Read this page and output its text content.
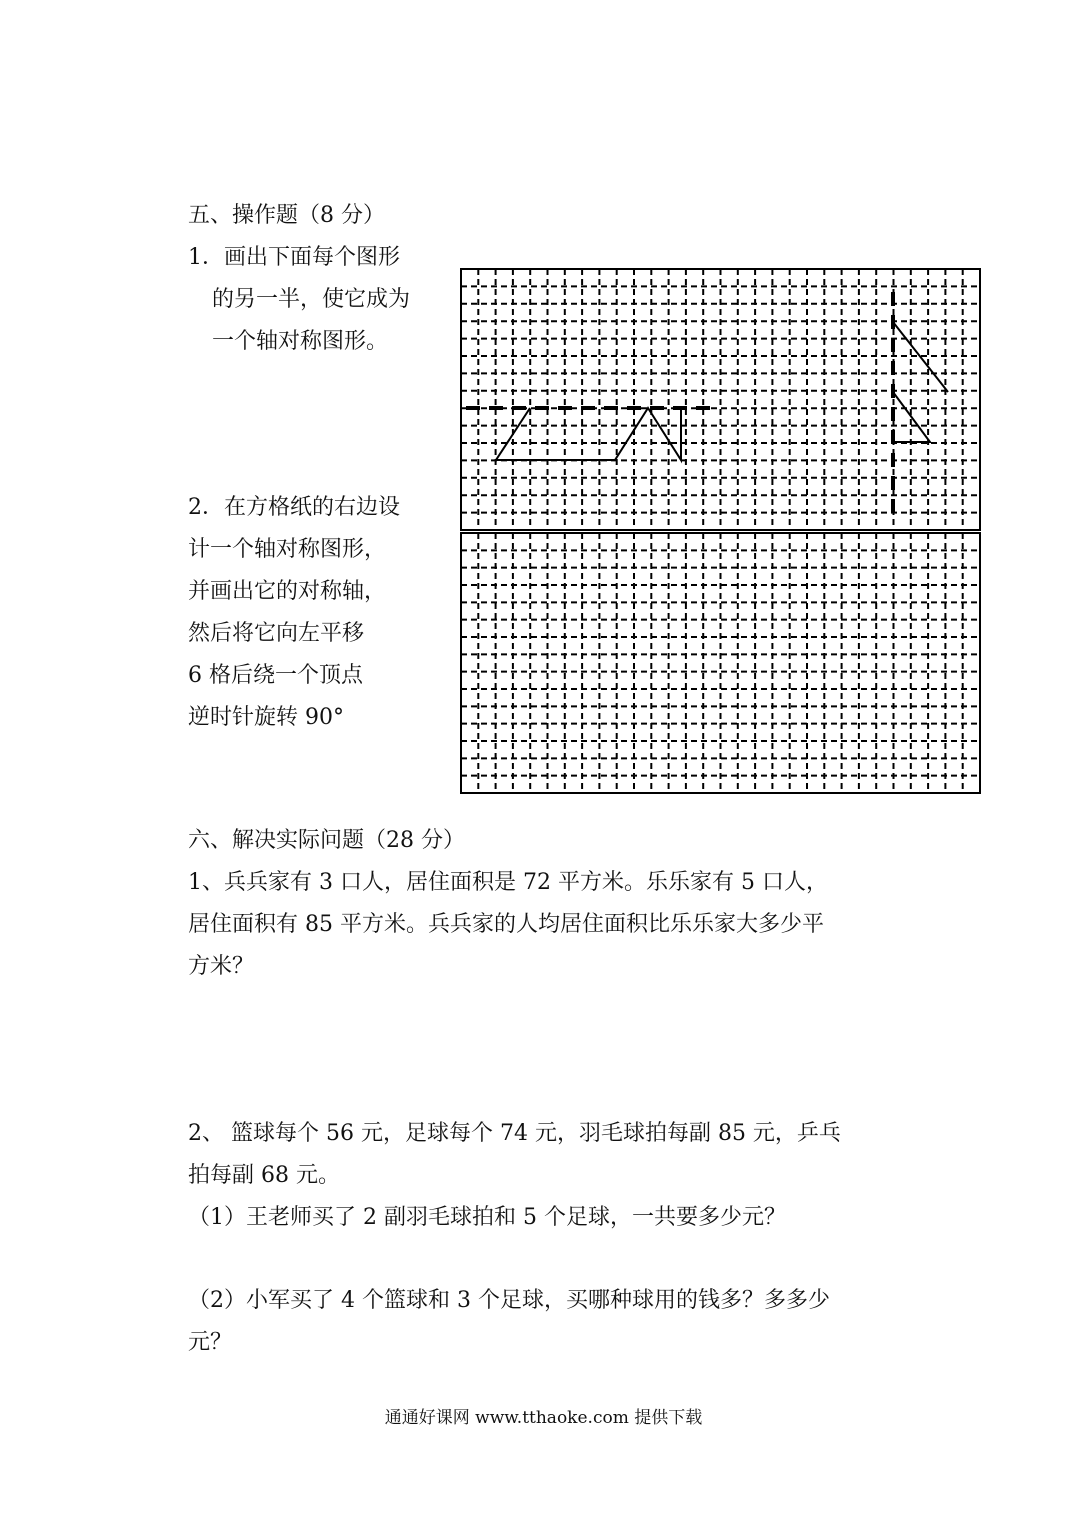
五、操作题（8 分）

1．画出下面每个图形

的另一半，使它成为

一个轴对称图形。

2．在方格纸的右边设

计一个轴对称图形，

并画出它的对称轴，

然后将它向左平移

6 格后绕一个顶点

逆时针旋转 90°

六、解决实际问题（28 分）

1、兵兵家有 3 口人，居住面积是 72 平方米。乐乐家有 5 口人，

居住面积有 85 平方米。兵兵家的人均居住面积比乐乐家大多少平

方米？

2、 篮球每个 56 元，足球每个 74 元，羽毛球拍每副 85 元，乒乓

拍每副 68 元。

（1）王老师买了 2 副羽毛球拍和 5 个足球，一共要多少元？

（2）小军买了 4 个篮球和 3 个足球，买哪种球用的钱多？多多少

元？

通通好课网 www.tthaoke.com 提供下载
